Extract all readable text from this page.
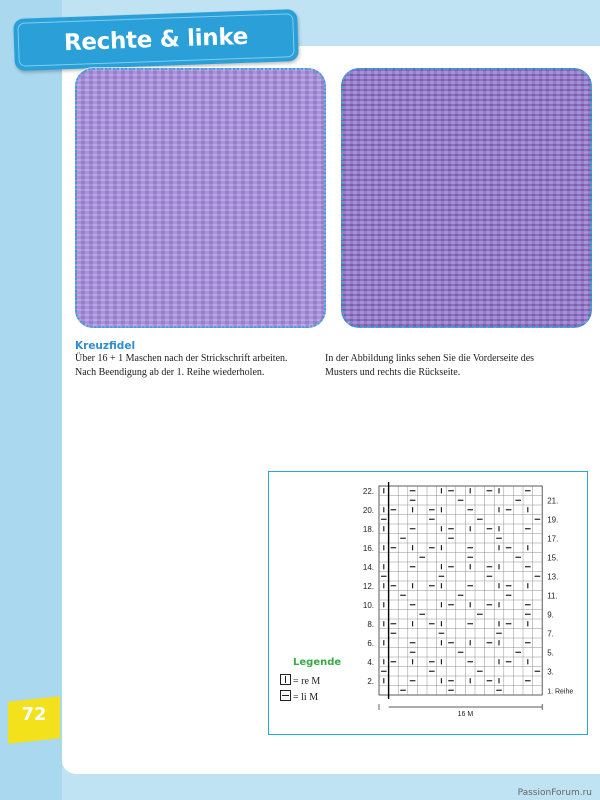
Rechte & linke
Kreuzfidel
Über 16 + 1 Maschen nach der Strickschrift arbeiten.
Nach Beendigung ab der 1. Reihe wiederholen.
In der Abbildung links sehen Sie die Vorderseite des
Musters und rechts die Rückseite.
2.
4.
6.
8.
10.
12.
14.
16.
18.
20.
22.
1. Reihe
3.
5.
7.
9.
11.
13.
15.
17.
19.
21.
16 M
Legende
= re M
= li M
72
PassionForum.ru
